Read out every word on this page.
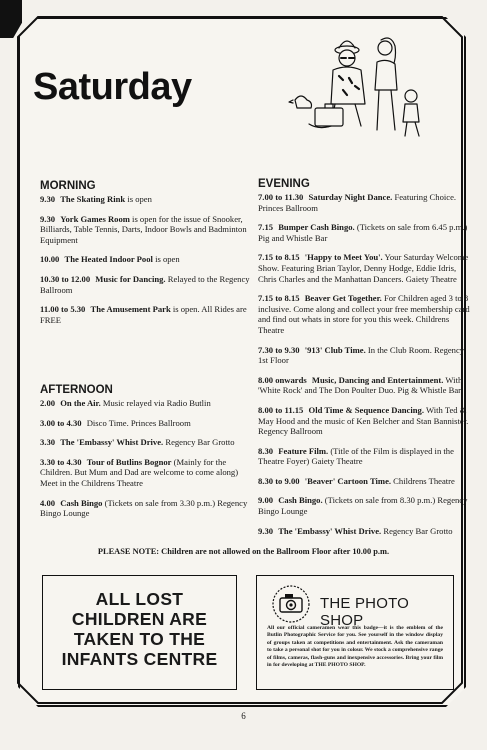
Saturday
MORNING
9.30 The Skating Rink is open
9.30 York Games Room is open for the issue of Snooker, Billiards, Table Tennis, Darts, Indoor Bowls and Badminton Equipment
10.00 The Heated Indoor Pool is open
10.30 to 12.00 Music for Dancing. Relayed to the Regency Ballroom
11.00 to 5.30 The Amusement Park is open. All Rides are FREE
AFTERNOON
2.00 On the Air. Music relayed via Radio Butlin
3.00 to 4.30 Disco Time. Princes Ballroom
3.30 The 'Embassy' Whist Drive. Regency Bar Grotto
3.30 to 4.30 Tour of Butlins Bognor (Mainly for the Children. But Mum and Dad are welcome to come along) Meet in the Childrens Theatre
4.00 Cash Bingo (Tickets on sale from 3.30 p.m.) Regency Bingo Lounge
EVENING
7.00 to 11.30 Saturday Night Dance. Featuring Choice. Princes Ballroom
7.15 Bumper Cash Bingo. (Tickets on sale from 6.45 p.m.) Pig and Whistle Bar
7.15 to 8.15 'Happy to Meet You'. Your Saturday Welcome Show. Featuring Brian Taylor, Denny Hodge, Eddie Idris, Chris Charles and the Manhattan Dancers. Gaiety Theatre
7.15 to 8.15 Beaver Get Together. For Children aged 3 to 8 inclusive. Come along and collect your free membership card and find out whats in store for you this week. Childrens Theatre
7.30 to 9.30 '913' Club Time. In the Club Room. Regency 1st Floor
8.00 onwards Music, Dancing and Entertainment. With 'White Rock' and The Don Poulter Duo. Pig & Whistle Bar
8.00 to 11.15 Old Time & Sequence Dancing. With Ted & May Hood and the music of Ken Belcher and Stan Bannister. Regency Ballroom
8.30 Feature Film. (Title of the Film is displayed in the Theatre Foyer) Gaiety Theatre
8.30 to 9.00 'Beaver' Cartoon Time. Childrens Theatre
9.00 Cash Bingo. (Tickets on sale from 8.30 p.m.) Regency Bingo Lounge
9.30 The 'Embassy' Whist Drive. Regency Bar Grotto
PLEASE NOTE: Children are not allowed on the Ballroom Floor after 10.00 p.m.
ALL LOST
CHILDREN ARE
TAKEN TO THE
INFANTS CENTRE
THE PHOTO SHOP
All our official cameramen wear this badge—it is the emblem of the Butlin Photographic Service for you. See yourself in the window display of groups taken at competitions and entertainment. Ask the cameraman to take a personal shot for you in colour. We stock a comprehensive range of films, cameras, flash-guns and inexpensive accessories. Bring your film in for developing at THE PHOTO SHOP.
6
